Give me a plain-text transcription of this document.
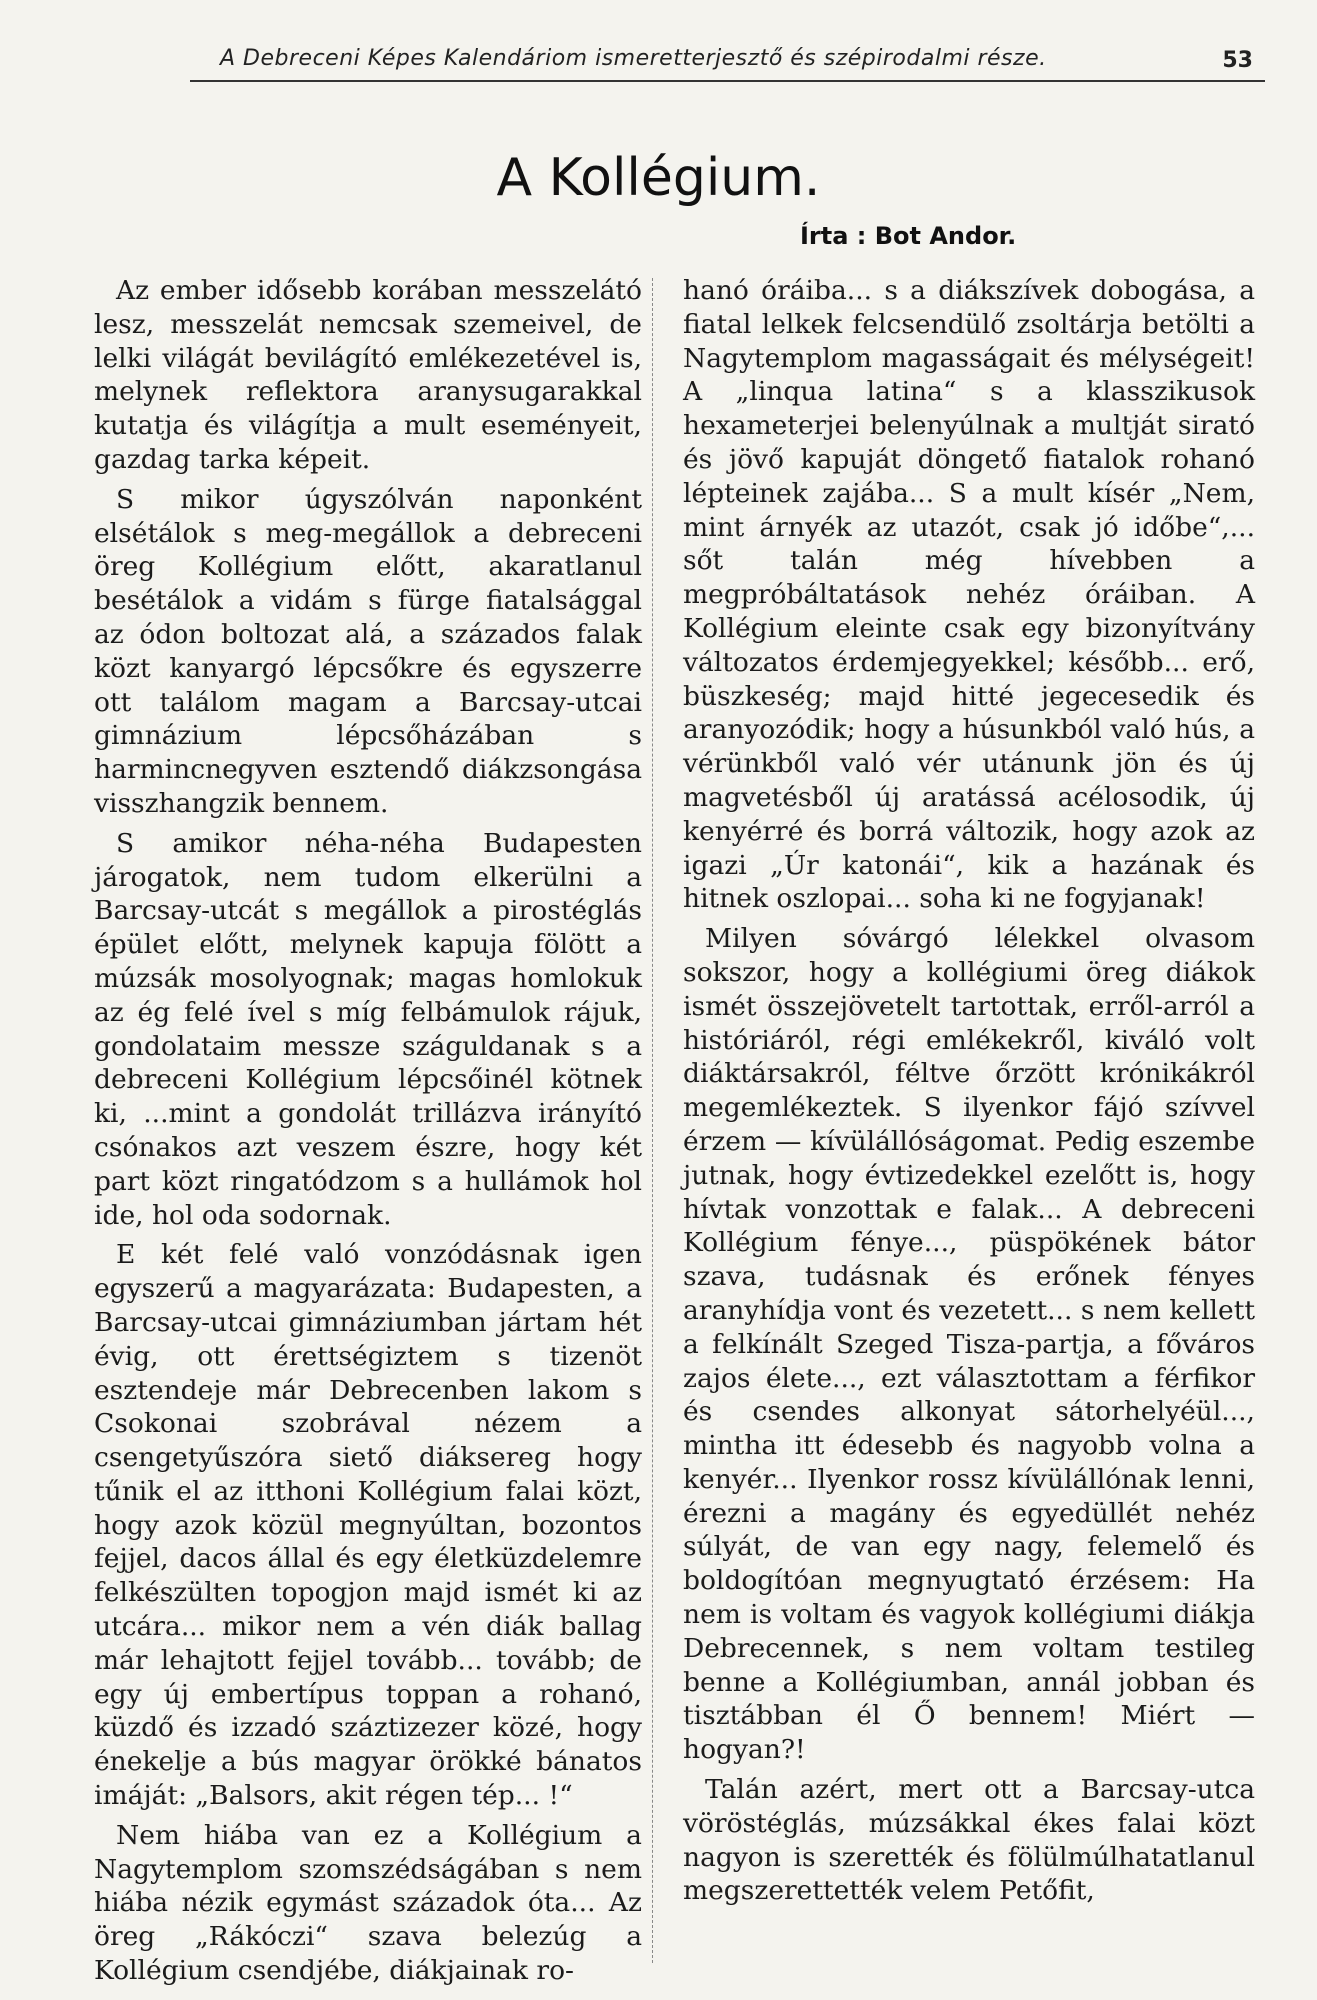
A Debreceni Képes Kalendáriom ismeretterjesztő és szépirodalmi része.	53
A Kollégium.
Írta : Bot Andor.

Az ember idősebb korában messzelátó lesz, messzelát nemcsak szemeivel, de lelki világát bevilágító emlékezetével is, melynek reflektora aranysugarakkal kutatja és világítja a mult eseményeit, gazdag tarka képeit.

S mikor úgyszólván naponként elsétálok s meg-megállok a debreceni öreg Kollégium előtt, akaratlanul besétálok a vidám s fürge fiatalsággal az ódon boltozat alá, a százados falak közt kanyargó lépcsőkre és egyszerre ott találom magam a Barcsay-utcai gimnázium lépcsőházában s harmincnegyven esztendő diákzsongása visszhangzik bennem.

S amikor néha-néha Budapesten járogatok, nem tudom elkerülni a Barcsay-utcát s megállok a pirostéglás épület előtt, melynek kapuja fölött a múzsák mosolyognak; magas homlokuk az ég felé ível s míg felbámulok rájuk, gondolataim messze száguldanak s a debreceni Kollégium lépcsőinél kötnek ki, ...mint a gondolát trillázva irányító csónakos azt veszem észre, hogy két part közt ringatódzom s a hullámok hol ide, hol oda sodornak.

E két felé való vonzódásnak igen egyszerű a magyarázata: Budapesten, a Barcsay-utcai gimnáziumban jártam hét évig, ott érettségiztem s tizenöt esztendeje már Debrecenben lakom s Csokonai szobrával nézem a csengetyűszóra siető diáksereg hogy tűnik el az itthoni Kollégium falai közt, hogy azok közül megnyúltan, bozontos fejjel, dacos állal és egy életküzdelemre felkészülten topogjon majd ismét ki az utcára... mikor nem a vén diák ballag már lehajtott fejjel tovább... tovább; de egy új embertípus toppan a rohanó, küzdő és izzadó száztizezer közé, hogy énekelje a bús magyar örökké bánatos imáját: „Balsors, akit régen tép... !“

Nem hiába van ez a Kollégium a Nagytemplom szomszédságában s nem hiába nézik egymást századok óta... Az öreg „Rákóczi“ szava belezúg a Kollégium csendjébe, diákjainak ro-

hanó óráiba... s a diákszívek dobogása, a fiatal lelkek felcsendülő zsoltárja betölti a Nagytemplom magasságait és mélységeit! A „linqua latina“ s a klasszikusok hexameterjei belenyúlnak a multját sirató és jövő kapuját döngető fiatalok rohanó lépteinek zajába... S a mult kísér „Nem, mint árnyék az utazót, csak jó időbe“,... sőt talán még hívebben a megpróbáltatások nehéz óráiban. A Kollégium eleinte csak egy bizonyítvány változatos érdemjegyekkel; később... erő, büszkeség; majd hitté jegecesedik és aranyozódik; hogy a húsunkból való hús, a vérünkből való vér utánunk jön és új magvetésből új aratássá acélosodik, új kenyérré és borrá változik, hogy azok az igazi „Úr katonái“, kik a hazának és hitnek oszlopai... soha ki ne fogyjanak!

Milyen sóvárgó lélekkel olvasom sokszor, hogy a kollégiumi öreg diákok ismét összejövetelt tartottak, erről-arról a históriáról, régi emlékekről, kiváló volt diáktársakról, féltve őrzött krónikákról megemlékeztek. S ilyenkor fájó szívvel érzem — kívülállóságomat. Pedig eszembe jutnak, hogy évtizedekkel ezelőtt is, hogy hívtak vonzottak e falak... A debreceni Kollégium fénye..., püspökének bátor szava, tudásnak és erőnek fényes aranyhídja vont és vezetett... s nem kellett a felkínált Szeged Tisza-partja, a főváros zajos élete..., ezt választottam a férfikor és csendes alkonyat sátorhelyéül..., mintha itt édesebb és nagyobb volna a kenyér... Ilyenkor rossz kívülállónak lenni, érezni a magány és egyedüllét nehéz súlyát, de van egy nagy, felemelő és boldogítóan megnyugtató érzésem: Ha nem is voltam és vagyok kollégiumi diákja Debrecennek, s nem voltam testileg benne a Kollégiumban, annál jobban és tisztábban él Ő bennem! Miért — hogyan?!

Talán azért, mert ott a Barcsay-utca vöröstéglás, múzsákkal ékes falai közt nagyon is szerették és fölülmúlhatatlanul megszerettették velem Petőfit,
